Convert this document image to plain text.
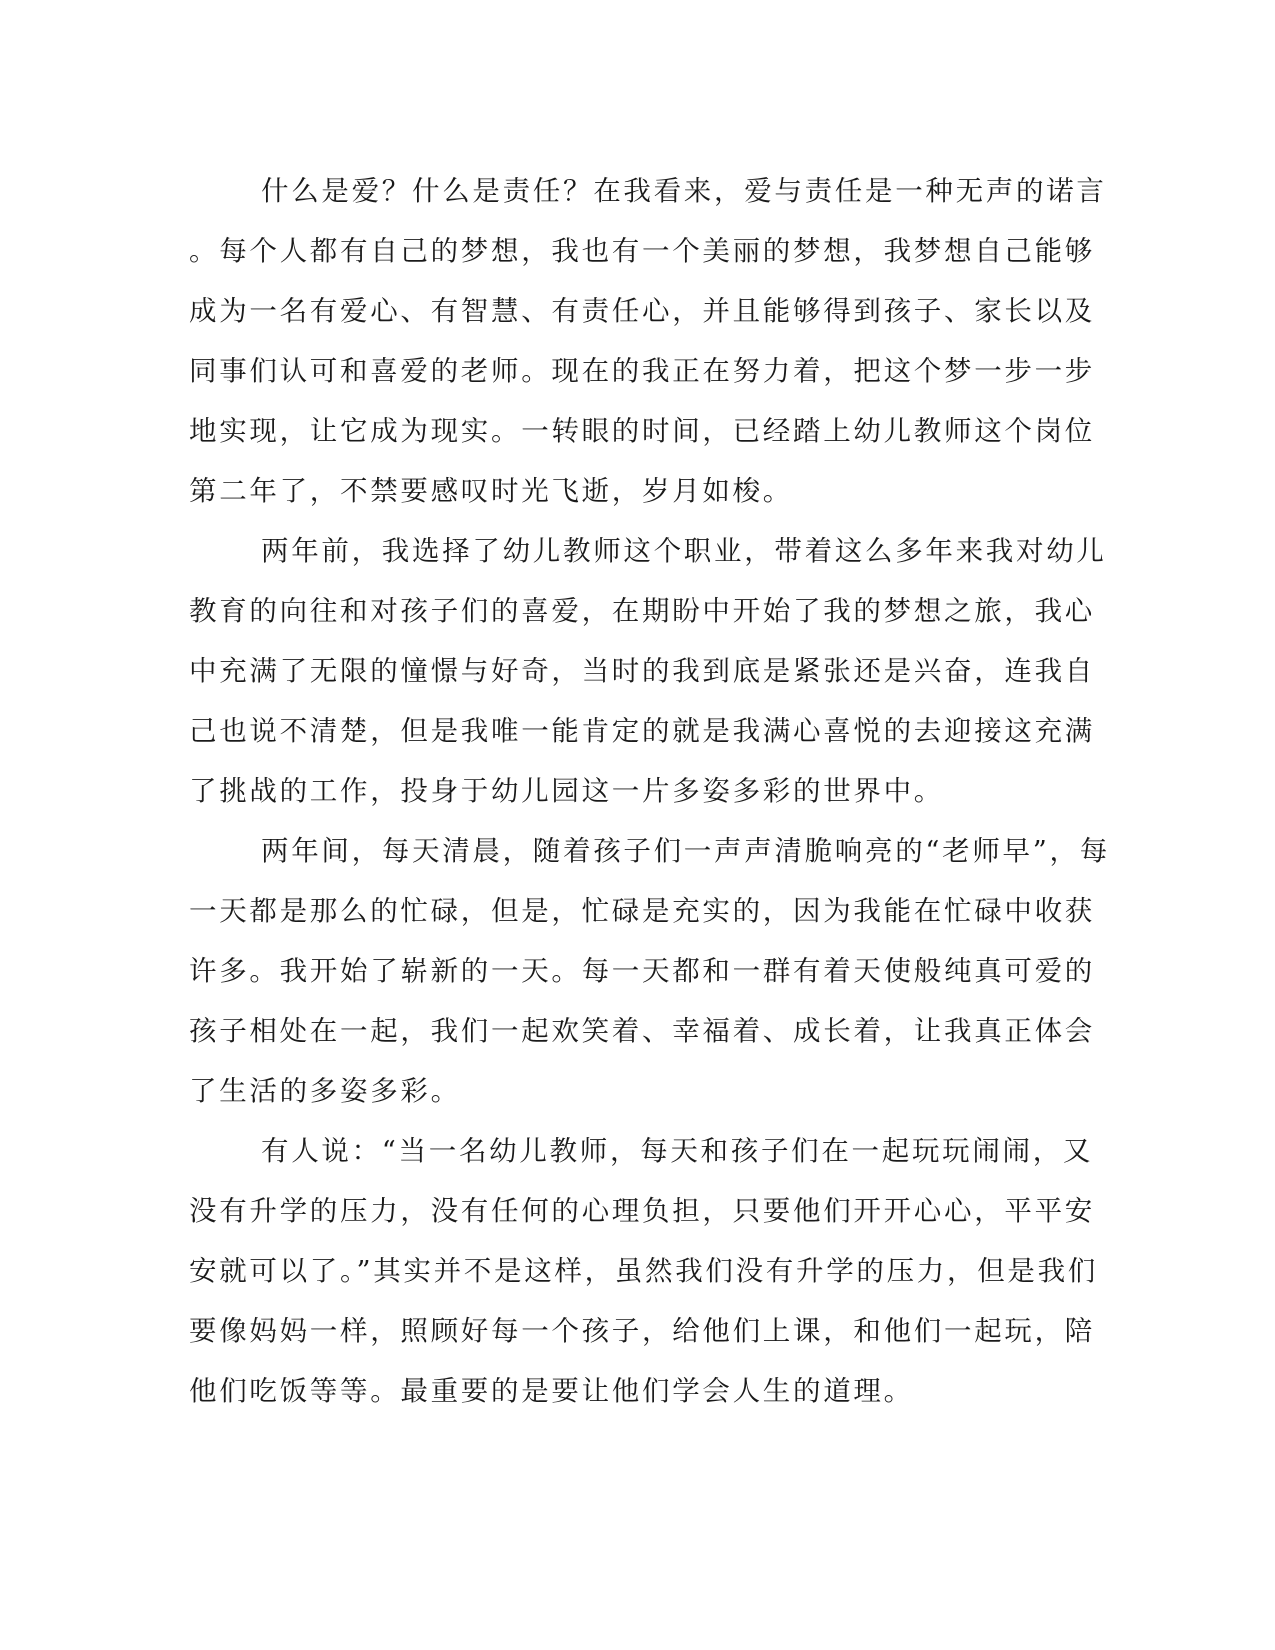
什么是爱？什么是责任？在我看来，爱与责任是一种无声的诺言
。每个人都有自己的梦想，我也有一个美丽的梦想，我梦想自己能够
成为一名有爱心、有智慧、有责任心，并且能够得到孩子、家长以及
同事们认可和喜爱的老师。现在的我正在努力着，把这个梦一步一步
地实现，让它成为现实。一转眼的时间，已经踏上幼儿教师这个岗位
第二年了，不禁要感叹时光飞逝，岁月如梭。
两年前，我选择了幼儿教师这个职业，带着这么多年来我对幼儿
教育的向往和对孩子们的喜爱，在期盼中开始了我的梦想之旅，我心
中充满了无限的憧憬与好奇，当时的我到底是紧张还是兴奋，连我自
己也说不清楚，但是我唯一能肯定的就是我满心喜悦的去迎接这充满
了挑战的工作，投身于幼儿园这一片多姿多彩的世界中。
两年间，每天清晨，随着孩子们一声声清脆响亮的“老师早”，每
一天都是那么的忙碌，但是，忙碌是充实的，因为我能在忙碌中收获
许多。我开始了崭新的一天。每一天都和一群有着天使般纯真可爱的
孩子相处在一起，我们一起欢笑着、幸福着、成长着，让我真正体会
了生活的多姿多彩。
有人说：“当一名幼儿教师，每天和孩子们在一起玩玩闹闹，又
没有升学的压力，没有任何的心理负担，只要他们开开心心，平平安
安就可以了。”其实并不是这样，虽然我们没有升学的压力，但是我们
要像妈妈一样，照顾好每一个孩子，给他们上课，和他们一起玩，陪
他们吃饭等等。最重要的是要让他们学会人生的道理。
